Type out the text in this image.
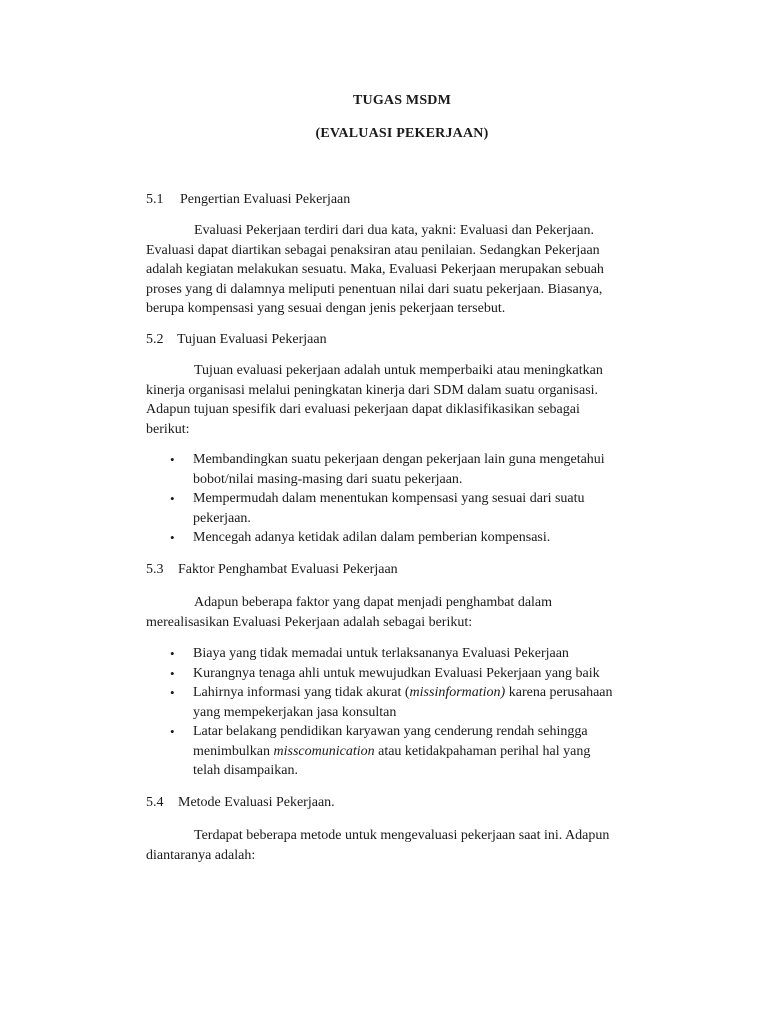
TUGAS MSDM
(EVALUASI PEKERJAAN)
5.1 Pengertian Evaluasi Pekerjaan
Evaluasi Pekerjaan terdiri dari dua kata, yakni: Evaluasi dan Pekerjaan.
Evaluasi dapat diartikan sebagai penaksiran atau penilaian. Sedangkan Pekerjaan
adalah kegiatan melakukan sesuatu. Maka, Evaluasi Pekerjaan merupakan sebuah
proses yang di dalamnya meliputi penentuan nilai dari suatu pekerjaan. Biasanya,
berupa kompensasi yang sesuai dengan jenis pekerjaan tersebut.
5.2 Tujuan Evaluasi Pekerjaan
Tujuan evaluasi pekerjaan adalah untuk memperbaiki atau meningkatkan
kinerja organisasi melalui peningkatan kinerja dari SDM dalam suatu organisasi.
Adapun tujuan spesifik dari evaluasi pekerjaan dapat diklasifikasikan sebagai
berikut:
• Membandingkan suatu pekerjaan dengan pekerjaan lain guna mengetahui
bobot/nilai masing-masing dari suatu pekerjaan.
• Mempermudah dalam menentukan kompensasi yang sesuai dari suatu
pekerjaan.
• Mencegah adanya ketidak adilan dalam pemberian kompensasi.
5.3 Faktor Penghambat Evaluasi Pekerjaan
Adapun beberapa faktor yang dapat menjadi penghambat dalam
merealisasikan Evaluasi Pekerjaan adalah sebagai berikut:
• Biaya yang tidak memadai untuk terlaksananya Evaluasi Pekerjaan
• Kurangnya tenaga ahli untuk mewujudkan Evaluasi Pekerjaan yang baik
• Lahirnya informasi yang tidak akurat (missinformation) karena perusahaan
yang mempekerjakan jasa konsultan
• Latar belakang pendidikan karyawan yang cenderung rendah sehingga
menimbulkan misscomunication atau ketidakpahaman perihal hal yang
telah disampaikan.
5.4 Metode Evaluasi Pekerjaan.
Terdapat beberapa metode untuk mengevaluasi pekerjaan saat ini. Adapun
diantaranya adalah:
